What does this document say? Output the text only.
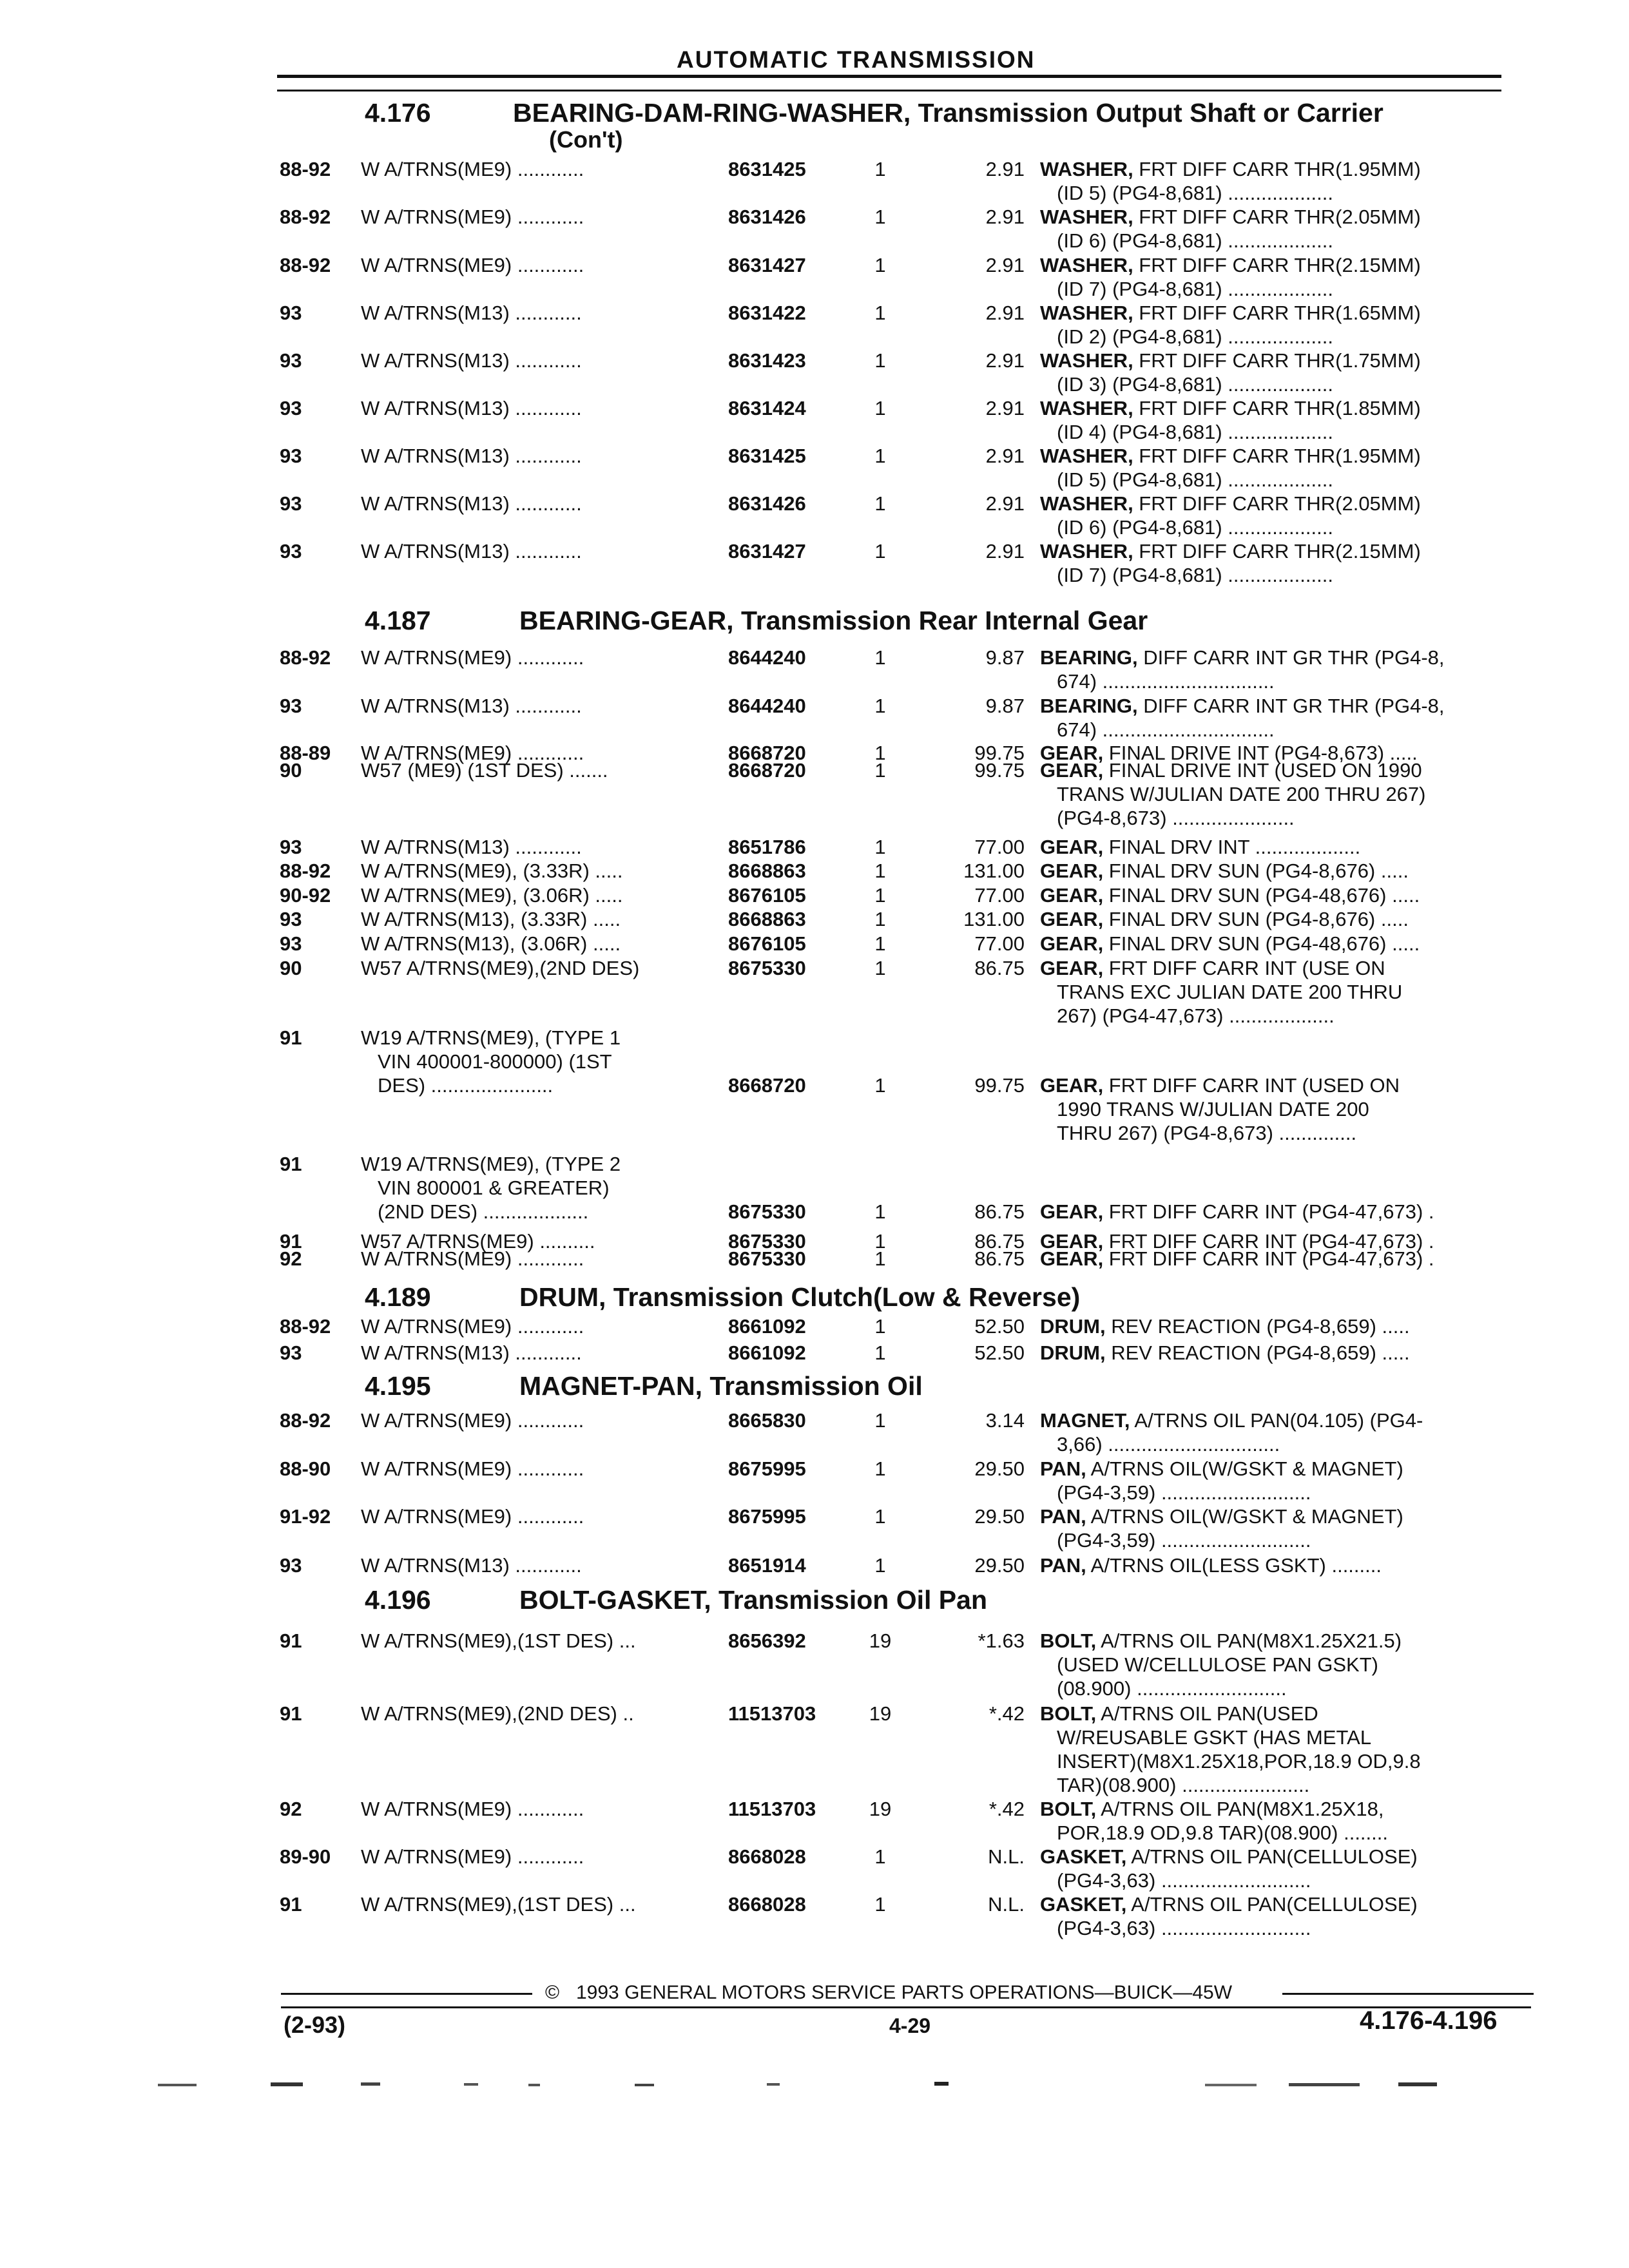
AUTOMATIC TRANSMISSION
4.176	BEARING-DAM-RING-WASHER, Transmission Output Shaft or Carrier
(Con't)
88-92 W A/TRNS(ME9) ............	8631425	1	2.91 WASHER, FRT DIFF CARR THR(1.95MM)
(ID 5) (PG4-8,681) ...................
88-92 W A/TRNS(ME9) ............	8631426	1	2.91 WASHER, FRT DIFF CARR THR(2.05MM)
(ID 6) (PG4-8,681) ...................
88-92 W A/TRNS(ME9) ............	8631427	1	2.91 WASHER, FRT DIFF CARR THR(2.15MM)
(ID 7) (PG4-8,681) ...................
93	W A/TRNS(M13) ............	8631422	1	2.91 WASHER, FRT DIFF CARR THR(1.65MM)
(ID 2) (PG4-8,681) ...................
93	W A/TRNS(M13) ............	8631423	1	2.91 WASHER, FRT DIFF CARR THR(1.75MM)
(ID 3) (PG4-8,681) ...................
93	W A/TRNS(M13) ............	8631424	1	2.91 WASHER, FRT DIFF CARR THR(1.85MM)
(ID 4) (PG4-8,681) ...................
93	W A/TRNS(M13) ............	8631425	1	2.91 WASHER, FRT DIFF CARR THR(1.95MM)
(ID 5) (PG4-8,681) ...................
93	W A/TRNS(M13) ............	8631426	1	2.91 WASHER, FRT DIFF CARR THR(2.05MM)
(ID 6) (PG4-8,681) ...................
93	W A/TRNS(M13) ............	8631427	1	2.91 WASHER, FRT DIFF CARR THR(2.15MM)
(ID 7) (PG4-8,681) ...................
4.187	BEARING-GEAR, Transmission Rear Internal Gear
88-92 W A/TRNS(ME9) ............	8644240	1	9.87 BEARING, DIFF CARR INT GR THR (PG4-8,
674) ...............................
93	W A/TRNS(M13) ............	8644240	1	9.87 BEARING, DIFF CARR INT GR THR (PG4-8,
674) ...............................
88-89 W A/TRNS(ME9) ............	8668720	1	99.75 GEAR, FINAL DRIVE INT (PG4-8,673) .....
90	W57 (ME9) (1ST DES) .......	8668720	1	99.75 GEAR, FINAL DRIVE INT (USED ON 1990
TRANS W/JULIAN DATE 200 THRU 267)
(PG4-8,673) ......................
93	W A/TRNS(M13) ............	8651786	1	77.00 GEAR, FINAL DRV INT ...................
88-92 W A/TRNS(ME9), (3.33R) .....	8668863	1	131.00 GEAR, FINAL DRV SUN (PG4-8,676) .....
90-92 W A/TRNS(ME9), (3.06R) .....	8676105	1	77.00 GEAR, FINAL DRV SUN (PG4-48,676) .....
93	W A/TRNS(M13), (3.33R) .....	8668863	1	131.00 GEAR, FINAL DRV SUN (PG4-8,676) .....
93	W A/TRNS(M13), (3.06R) .....	8676105	1	77.00 GEAR, FINAL DRV SUN (PG4-48,676) .....
90	W57 A/TRNS(ME9),(2ND DES)	8675330	1	86.75 GEAR, FRT DIFF CARR INT (USE ON
TRANS EXC JULIAN DATE 200 THRU
267) (PG4-47,673) ...................
91	W19 A/TRNS(ME9), (TYPE 1
VIN 400001-800000) (1ST
DES) ......................	8668720	1	99.75 GEAR, FRT DIFF CARR INT (USED ON
1990 TRANS W/JULIAN DATE 200
THRU 267) (PG4-8,673) ..............
91	W19 A/TRNS(ME9), (TYPE 2
VIN 800001 & GREATER)
(2ND DES) ...................	8675330	1	86.75 GEAR, FRT DIFF CARR INT (PG4-47,673) .
91	W57 A/TRNS(ME9) ..........	8675330	1	86.75 GEAR, FRT DIFF CARR INT (PG4-47,673) .
92	W A/TRNS(ME9) ............	8675330	1	86.75 GEAR, FRT DIFF CARR INT (PG4-47,673) .
4.189	DRUM, Transmission Clutch(Low & Reverse)
88-92 W A/TRNS(ME9) ............	8661092	1	52.50 DRUM, REV REACTION (PG4-8,659) .....
93	W A/TRNS(M13) ............	8661092	1	52.50 DRUM, REV REACTION (PG4-8,659) .....
4.195	MAGNET-PAN, Transmission Oil
88-92 W A/TRNS(ME9) ............	8665830	1	3.14 MAGNET, A/TRNS OIL PAN(04.105) (PG4-
3,66) ...............................
88-90 W A/TRNS(ME9) ............	8675995	1	29.50 PAN, A/TRNS OIL(W/GSKT & MAGNET)
(PG4-3,59) ...........................
91-92 W A/TRNS(ME9) ............	8675995	1	29.50 PAN, A/TRNS OIL(W/GSKT & MAGNET)
(PG4-3,59) ...........................
93	W A/TRNS(M13) ............	8651914	1	29.50 PAN, A/TRNS OIL(LESS GSKT) .........
4.196	BOLT-GASKET, Transmission Oil Pan
91	W A/TRNS(ME9),(1ST DES) ...	8656392	19	*1.63 BOLT, A/TRNS OIL PAN(M8X1.25X21.5)
(USED W/CELLULOSE PAN GSKT)
(08.900) ...........................
91	W A/TRNS(ME9),(2ND DES) ..	11513703	19	*.42 BOLT, A/TRNS OIL PAN(USED
W/REUSABLE GSKT (HAS METAL
INSERT)(M8X1.25X18,POR,18.9 OD,9.8
TAR)(08.900) .......................
92	W A/TRNS(ME9) ............	11513703	19	*.42 BOLT, A/TRNS OIL PAN(M8X1.25X18,
POR,18.9 OD,9.8 TAR)(08.900) ........
89-90 W A/TRNS(ME9) ............	8668028	1	N.L. GASKET, A/TRNS OIL PAN(CELLULOSE)
(PG4-3,63) ...........................
91	W A/TRNS(ME9),(1ST DES) ...	8668028	1	N.L. GASKET, A/TRNS OIL PAN(CELLULOSE)
(PG4-3,63) ...........................
© 1993 GENERAL MOTORS SERVICE PARTS OPERATIONS—BUICK—45W
(2-93)	4-29	4.176-4.196
